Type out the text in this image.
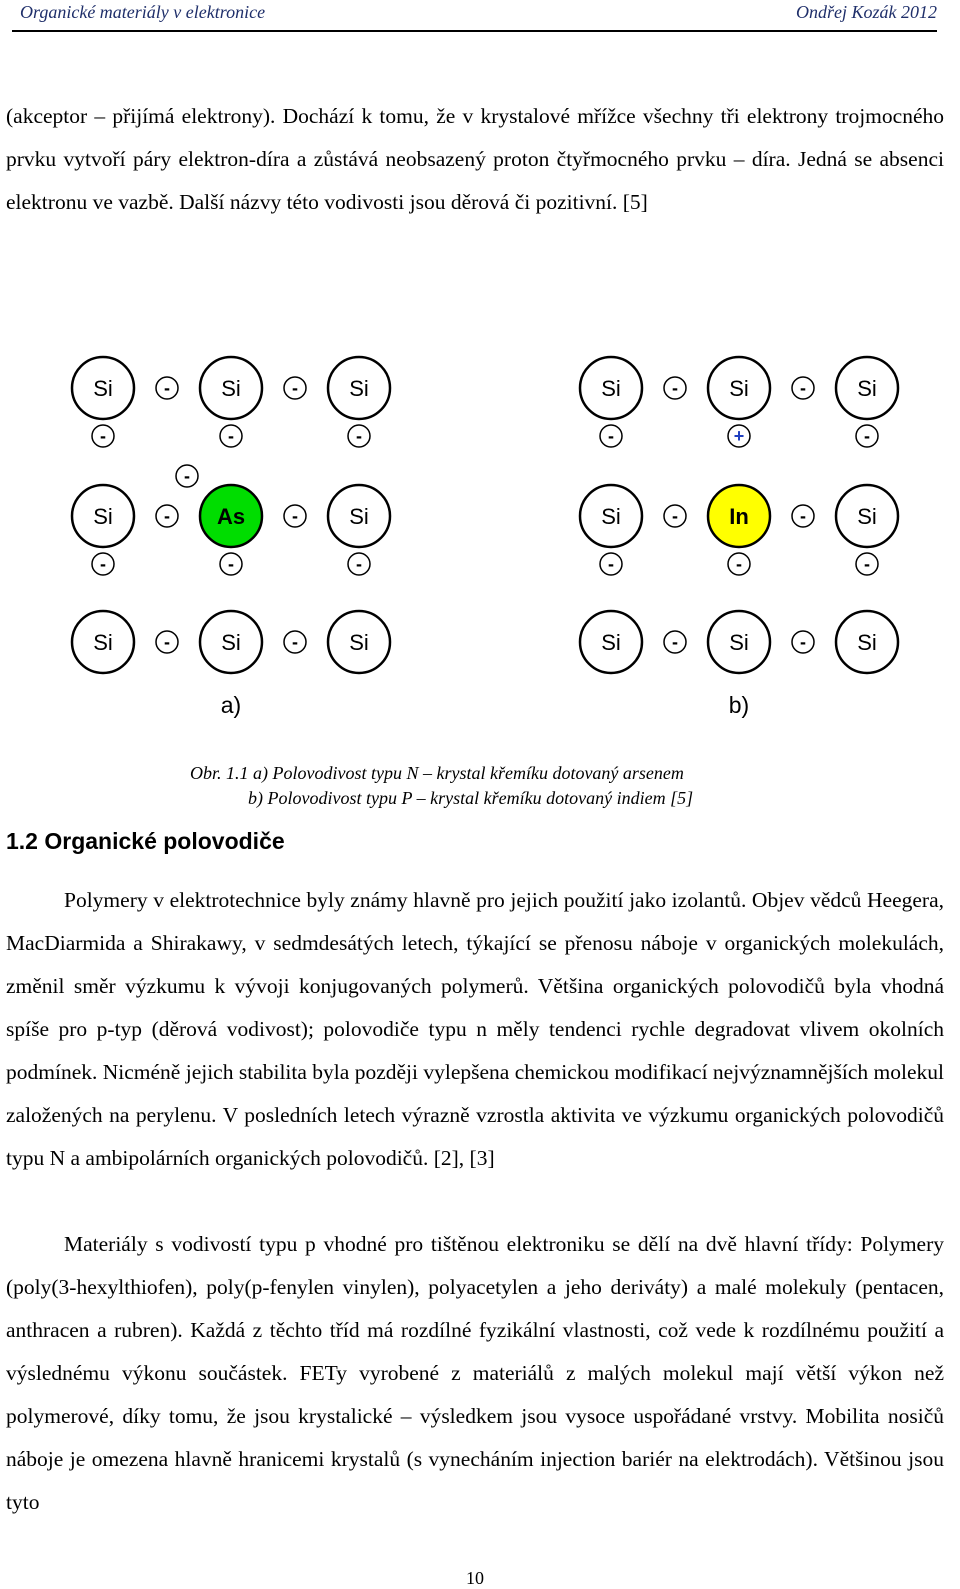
Organické materiály v elektronice	Ondřej Kozák 2012

(akceptor – přijímá elektrony). Dochází k tomu, že v krystalové mřížce všechny tři elektrony trojmocného prvku vytvoří páry elektron-díra a zůstává neobsazený proton čtyřmocného prvku – díra. Jedná se absenci elektronu ve vazbě. Další názvy této vodivosti jsou děrová či pozitivní. [5]

-	-
-	-
-	-
-
-
-
-
-
-
-
Si	Si	Si
Si	As	Si
Si	Si	Si
-	-
-	-
-	-
-
-
+
-
-
-
Si	Si	Si
Si	In	Si
Si	Si	Si
a)	b)
Obr. 1.1 a) Polovodivost typu N – krystal křemíku dotovaný arsenem
b) Polovodivost typu P – krystal křemíku dotovaný indiem [5]
1.2 Organické polovodiče

Polymery v elektrotechnice byly známy hlavně pro jejich použití jako izolantů. Objev vědců Heegera, MacDiarmida a Shirakawy, v sedmdesátých letech, týkající se přenosu náboje v organických molekulách, změnil směr výzkumu k vývoji konjugovaných polymerů. Většina organických polovodičů byla vhodná spíše pro p-typ (děrová vodivost); polovodiče typu n měly tendenci rychle degradovat vlivem okolních podmínek. Nicméně jejich stabilita byla později vylepšena chemickou modifikací nejvýznamnějších molekul založených na perylenu. V posledních letech výrazně vzrostla aktivita ve výzkumu organických polovodičů typu N a ambipolárních organických polovodičů. [2], [3]

Materiály s vodivostí typu p vhodné pro tištěnou elektroniku se dělí na dvě hlavní třídy: Polymery (poly(3-hexylthiofen), poly(p-fenylen vinylen), polyacetylen a jeho deriváty) a malé molekuly (pentacen, anthracen a rubren). Každá z těchto tříd má rozdílné fyzikální vlastnosti, což vede k rozdílnému použití a výslednému výkonu součástek. FETy vyrobené z materiálů z malých molekul mají větší výkon než polymerové, díky tomu, že jsou krystalické – výsledkem jsou vysoce uspořádané vrstvy. Mobilita nosičů náboje je omezena hlavně hranicemi krystalů (s vynecháním injection bariér na elektrodách). Většinou jsou tyto

10
